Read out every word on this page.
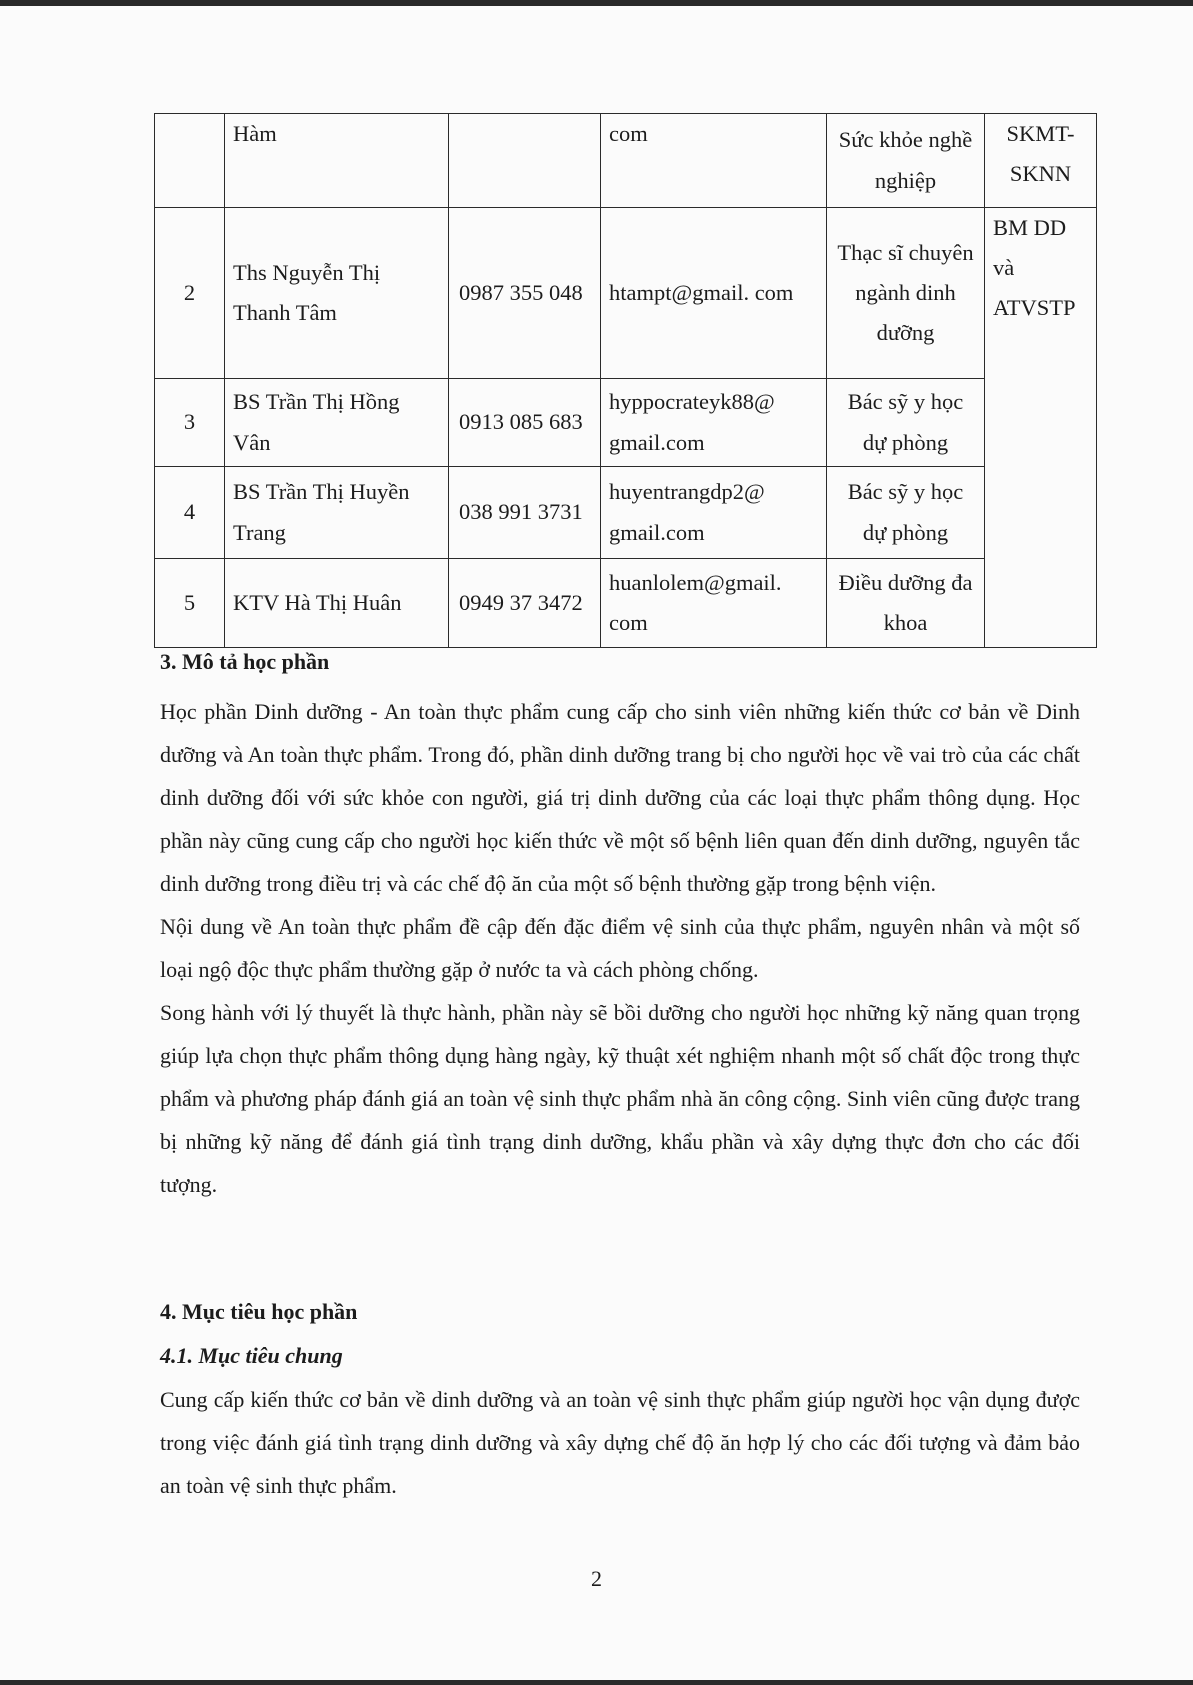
	Hàm		com	Sức khỏe nghề nghiệp	SKMT-SKNN
2	Ths Nguyễn Thị Thanh Tâm	0987 355 048	htampt@gmail. com	Thạc sĩ chuyên ngành dinh dưỡng	BM DD và ATVSTP
3	BS Trần Thị Hồng Vân	0913 085 683	hyppocrateyk88@ gmail.com	Bác sỹ y học dự phòng	
4	BS Trần Thị Huyền Trang	038 991 3731	huyentrangdp2@ gmail.com	Bác sỹ y học dự phòng	
5	KTV Hà Thị Huân	0949 37 3472	huanlolem@gmail. com	Điều dưỡng đa khoa	
3. Mô tả học phần

Học phần Dinh dưỡng - An toàn thực phẩm cung cấp cho sinh viên những kiến thức cơ bản về Dinh dưỡng và An toàn thực phẩm. Trong đó, phần dinh dưỡng trang bị cho người học về vai trò của các chất dinh dưỡng đối với sức khỏe con người, giá trị dinh dưỡng của các loại thực phẩm thông dụng. Học phần này cũng cung cấp cho người học kiến thức về một số bệnh liên quan đến dinh dưỡng, nguyên tắc dinh dưỡng trong điều trị và các chế độ ăn của một số bệnh thường gặp trong bệnh viện.

Nội dung về An toàn thực phẩm đề cập đến đặc điểm vệ sinh của thực phẩm, nguyên nhân và một số loại ngộ độc thực phẩm thường gặp ở nước ta và cách phòng chống.

Song hành với lý thuyết là thực hành, phần này sẽ bồi dưỡng cho người học những kỹ năng quan trọng giúp lựa chọn thực phẩm thông dụng hàng ngày, kỹ thuật xét nghiệm nhanh một số chất độc trong thực phẩm và phương pháp đánh giá an toàn vệ sinh thực phẩm nhà ăn công cộng. Sinh viên cũng được trang bị những kỹ năng để đánh giá tình trạng dinh dưỡng, khẩu phần và xây dựng thực đơn cho các đối tượng.

4. Mục tiêu học phần
4.1. Mục tiêu chung

Cung cấp kiến thức cơ bản về dinh dưỡng và an toàn vệ sinh thực phẩm giúp người học vận dụng được trong việc đánh giá tình trạng dinh dưỡng và xây dựng chế độ ăn hợp lý cho các đối tượng và đảm bảo an toàn vệ sinh thực phẩm.

2
